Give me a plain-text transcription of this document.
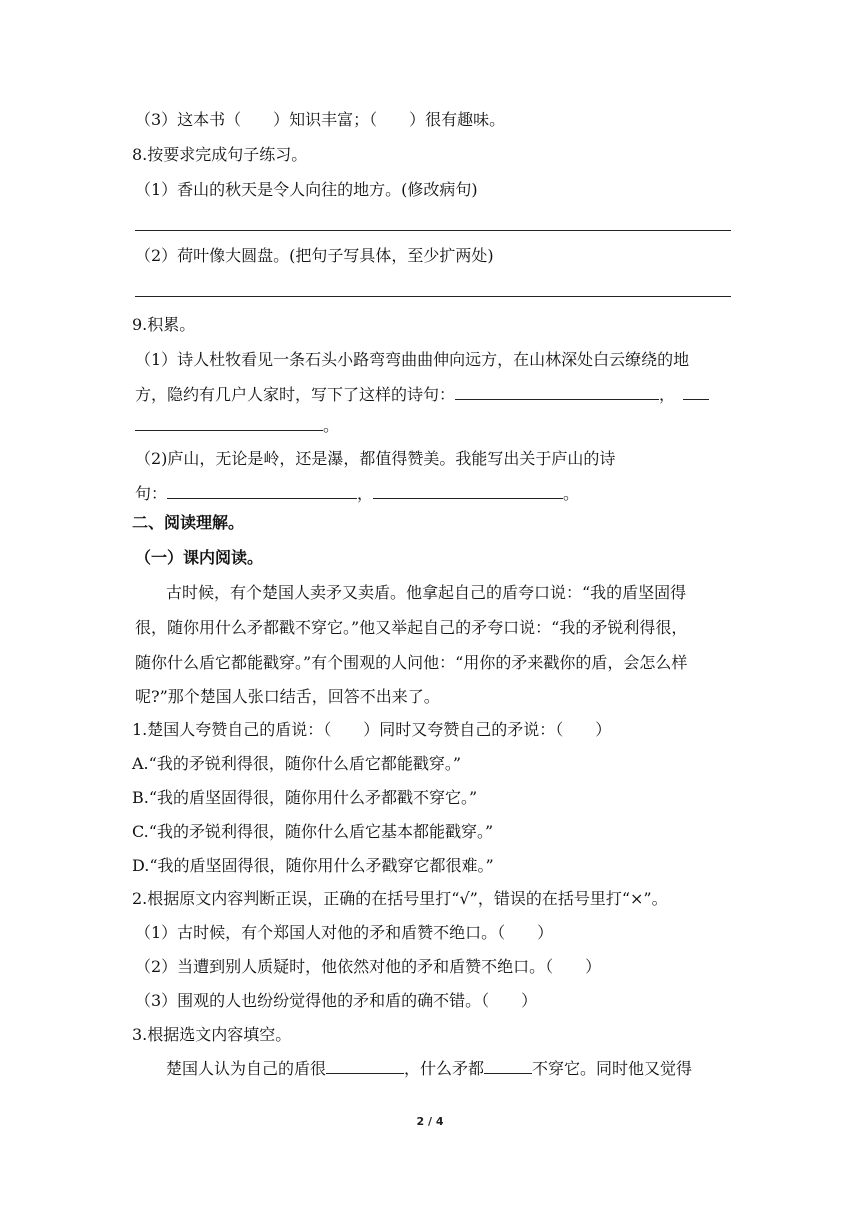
（3）这本书（　　）知识丰富；（　　）很有趣味。
8.按要求完成句子练习。
（1）香山的秋天是令人向往的地方。(修改病句)
（2）荷叶像大圆盘。(把句子写具体，至少扩两处)
9.积累。
（1）诗人杜牧看见一条石头小路弯弯曲曲伸向远方，在山林深处白云缭绕的地
方，隐约有几户人家时，写下了这样的诗句：	，
。
（2)庐山，无论是岭，还是瀑，都值得赞美。我能写出关于庐山的诗
句：	，	。
二、阅读理解。
（一）课内阅读。
古时候，有个楚国人卖矛又卖盾。他拿起自己的盾夸口说：“我的盾坚固得
很，随你用什么矛都戳不穿它。”他又举起自己的矛夸口说：“我的矛锐利得很，
随你什么盾它都能戳穿。”有个围观的人问他：“用你的矛来戳你的盾，会怎么样
呢?”那个楚国人张口结舌，回答不出来了。
1.楚国人夸赞自己的盾说：（　　）同时又夸赞自己的矛说：（　　）
A.“我的矛锐利得很，随你什么盾它都能戳穿。”
B.“我的盾坚固得很，随你用什么矛都戳不穿它。”
C.“我的矛锐利得很，随你什么盾它基本都能戳穿。”
D.“我的盾坚固得很，随你用什么矛戳穿它都很难。”
2.根据原文内容判断正误，正确的在括号里打“√”，错误的在括号里打“×”。
（1）古时候，有个郑国人对他的矛和盾赞不绝口。（　　）
（2）当遭到别人质疑时，他依然对他的矛和盾赞不绝口。（　　）
（3）围观的人也纷纷觉得他的矛和盾的确不错。（　　）
3.根据选文内容填空。
楚国人认为自己的盾很	，什么矛都	不穿它。同时他又觉得
2 / 4
